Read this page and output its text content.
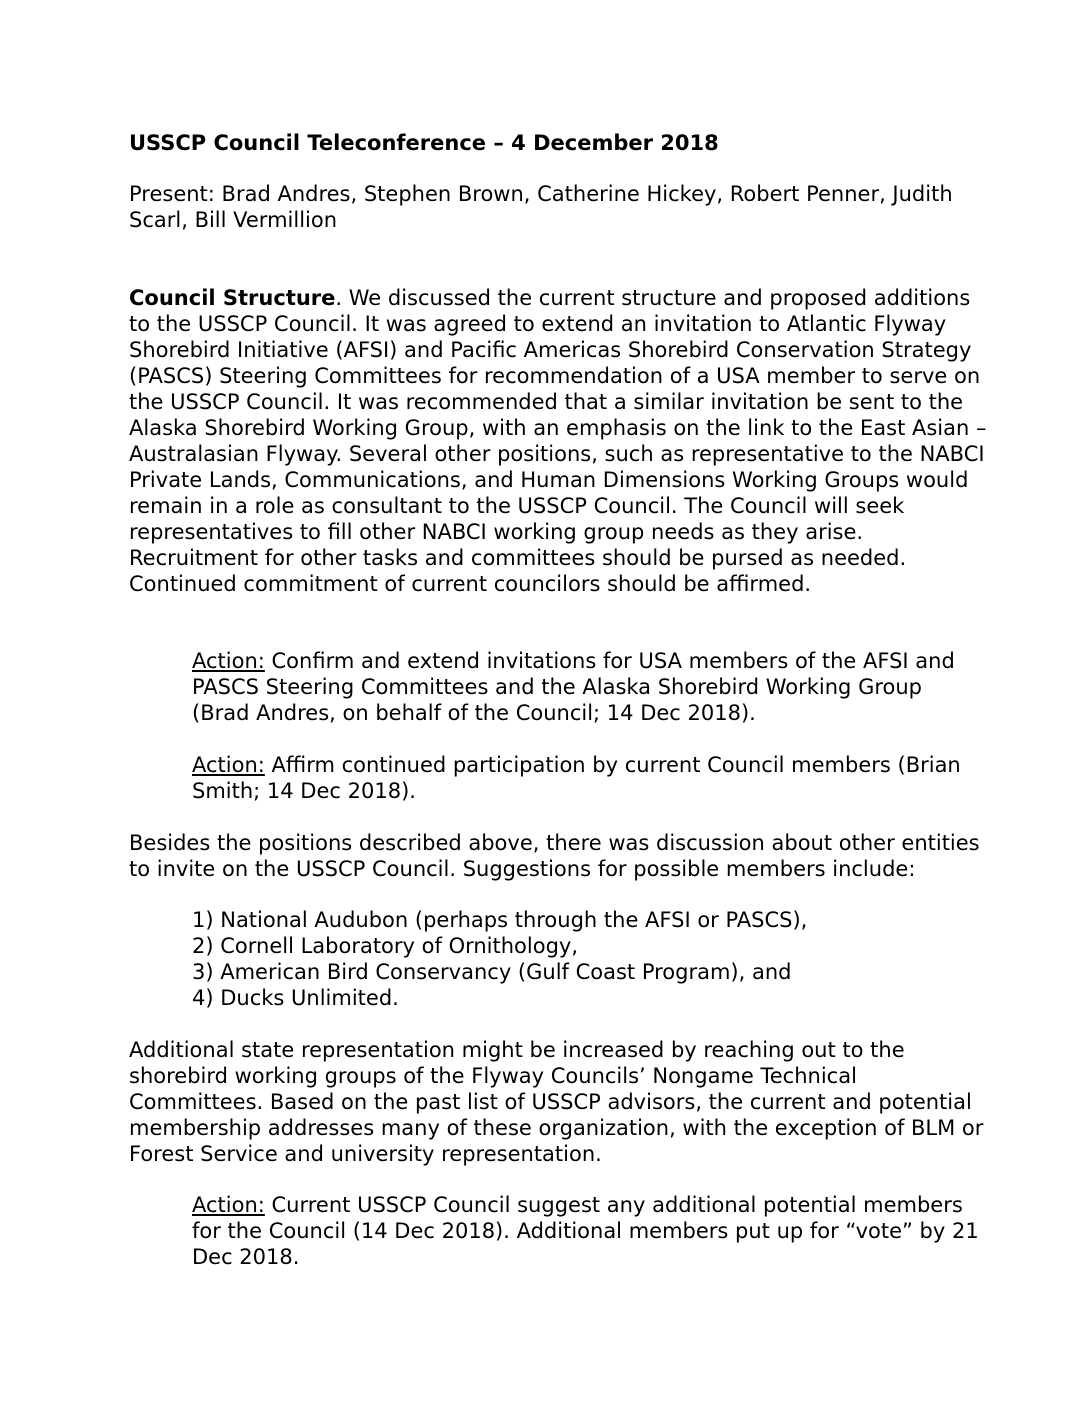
USSCP Council Teleconference – 4 December 2018

Present: Brad Andres, Stephen Brown, Catherine Hickey, Robert Penner, Judith Scarl, Bill Vermillion

Council Structure. We discussed the current structure and proposed additions to the USSCP Council. It was agreed to extend an invitation to Atlantic Flyway Shorebird Initiative (AFSI) and Pacific Americas Shorebird Conservation Strategy (PASCS) Steering Committees for recommendation of a USA member to serve on the USSCP Council. It was recommended that a similar invitation be sent to the Alaska Shorebird Working Group, with an emphasis on the link to the East Asian – Australasian Flyway. Several other positions, such as representative to the NABCI Private Lands, Communications, and Human Dimensions Working Groups would remain in a role as consultant to the USSCP Council. The Council will seek representatives to fill other NABCI working group needs as they arise. Recruitment for other tasks and committees should be pursed as needed. Continued commitment of current councilors should be affirmed.

Action: Confirm and extend invitations for USA members of the AFSI and PASCS Steering Committees and the Alaska Shorebird Working Group (Brad Andres, on behalf of the Council; 14 Dec 2018).

Action: Affirm continued participation by current Council members (Brian Smith; 14 Dec 2018).

Besides the positions described above, there was discussion about other entities to invite on the USSCP Council. Suggestions for possible members include:

1) National Audubon (perhaps through the AFSI or PASCS),
2) Cornell Laboratory of Ornithology,
3) American Bird Conservancy (Gulf Coast Program), and
4) Ducks Unlimited.

Additional state representation might be increased by reaching out to the shorebird working groups of the Flyway Councils’ Nongame Technical Committees. Based on the past list of USSCP advisors, the current and potential membership addresses many of these organization, with the exception of BLM or Forest Service and university representation.

Action: Current USSCP Council suggest any additional potential members for the Council (14 Dec 2018). Additional members put up for “vote” by 21 Dec 2018.
